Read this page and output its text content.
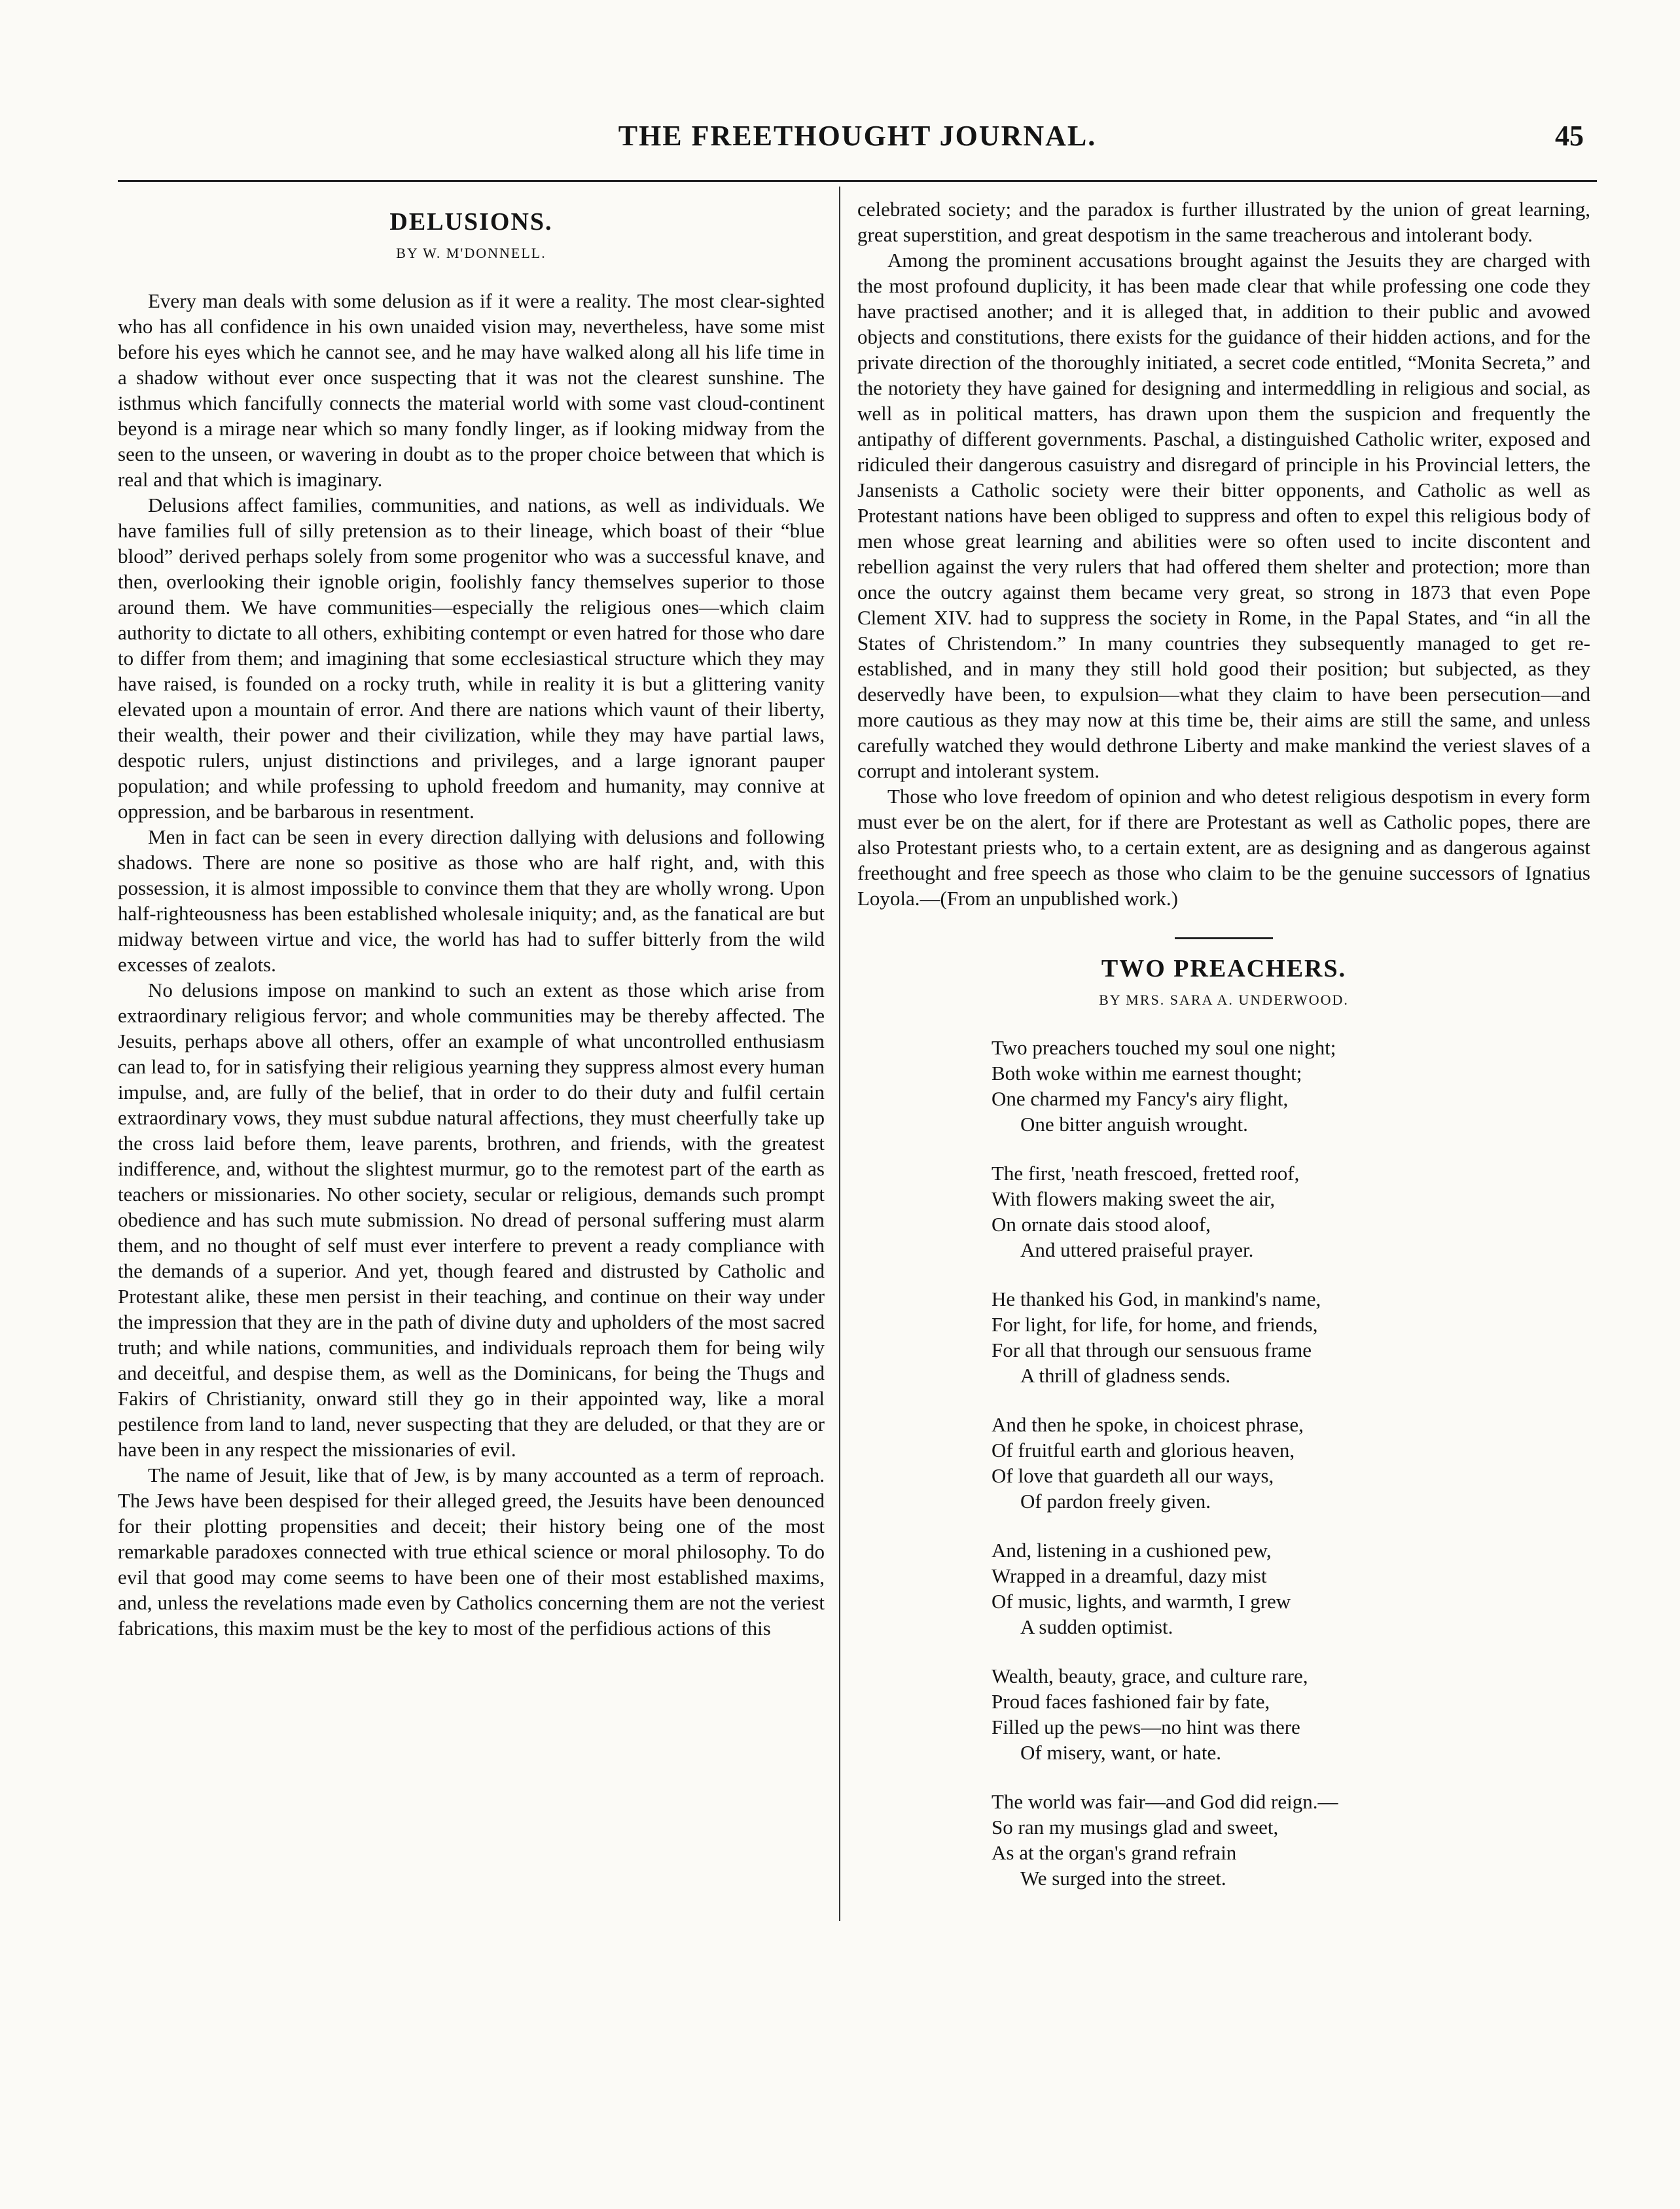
THE FREETHOUGHT JOURNAL.	45
DELUSIONS.
BY W. M'DONNELL.

Every man deals with some delusion as if it were a reality. The most clear-sighted who has all confidence in his own unaided vision may, nevertheless, have some mist before his eyes which he cannot see, and he may have walked along all his life time in a shadow without ever once suspecting that it was not the clearest sunshine. The isthmus which fancifully connects the material world with some vast cloud-continent beyond is a mirage near which so many fondly linger, as if looking midway from the seen to the unseen, or wavering in doubt as to the proper choice between that which is real and that which is imaginary.

Delusions affect families, communities, and nations, as well as individuals. We have families full of silly pretension as to their lineage, which boast of their “blue blood” derived perhaps solely from some progenitor who was a successful knave, and then, overlooking their ignoble origin, foolishly fancy themselves superior to those around them. We have communities—especially the religious ones—which claim authority to dictate to all others, exhibiting contempt or even hatred for those who dare to differ from them; and imagining that some ecclesiastical structure which they may have raised, is founded on a rocky truth, while in reality it is but a glittering vanity elevated upon a mountain of error. And there are nations which vaunt of their liberty, their wealth, their power and their civilization, while they may have partial laws, despotic rulers, unjust distinctions and privileges, and a large ignorant pauper population; and while professing to uphold freedom and humanity, may connive at oppression, and be barbarous in resentment.

Men in fact can be seen in every direction dallying with delusions and following shadows. There are none so positive as those who are half right, and, with this possession, it is almost impossible to convince them that they are wholly wrong. Upon half-righteousness has been established wholesale iniquity; and, as the fanatical are but midway between virtue and vice, the world has had to suffer bitterly from the wild excesses of zealots.

No delusions impose on mankind to such an extent as those which arise from extraordinary religious fervor; and whole communities may be thereby affected. The Jesuits, perhaps above all others, offer an example of what uncontrolled enthusiasm can lead to, for in satisfying their religious yearning they suppress almost every human impulse, and, are fully of the belief, that in order to do their duty and fulfil certain extraordinary vows, they must subdue natural affections, they must cheerfully take up the cross laid before them, leave parents, brothren, and friends, with the greatest indifference, and, without the slightest murmur, go to the remotest part of the earth as teachers or missionaries. No other society, secular or religious, demands such prompt obedience and has such mute submission. No dread of personal suffering must alarm them, and no thought of self must ever interfere to prevent a ready compliance with the demands of a superior. And yet, though feared and distrusted by Catholic and Protestant alike, these men persist in their teaching, and continue on their way under the impression that they are in the path of divine duty and upholders of the most sacred truth; and while nations, communities, and individuals reproach them for being wily and deceitful, and despise them, as well as the Dominicans, for being the Thugs and Fakirs of Christianity, onward still they go in their appointed way, like a moral pestilence from land to land, never suspecting that they are deluded, or that they are or have been in any respect the missionaries of evil.

The name of Jesuit, like that of Jew, is by many accounted as a term of reproach. The Jews have been despised for their alleged greed, the Jesuits have been denounced for their plotting propensities and deceit; their history being one of the most remarkable paradoxes connected with true ethical science or moral philosophy. To do evil that good may come seems to have been one of their most established maxims, and, unless the revelations made even by Catholics concerning them are not the veriest fabrications, this maxim must be the key to most of the perfidious actions of this

celebrated society; and the paradox is further illustrated by the union of great learning, great superstition, and great despotism in the same treacherous and intolerant body.

Among the prominent accusations brought against the Jesuits they are charged with the most profound duplicity, it has been made clear that while professing one code they have practised another; and it is alleged that, in addition to their public and avowed objects and constitutions, there exists for the guidance of their hidden actions, and for the private direction of the thoroughly initiated, a secret code entitled, “Monita Secreta,” and the notoriety they have gained for designing and intermeddling in religious and social, as well as in political matters, has drawn upon them the suspicion and frequently the antipathy of different governments. Paschal, a distinguished Catholic writer, exposed and ridiculed their dangerous casuistry and disregard of principle in his Provincial letters, the Jansenists a Catholic society were their bitter opponents, and Catholic as well as Protestant nations have been obliged to suppress and often to expel this religious body of men whose great learning and abilities were so often used to incite discontent and rebellion against the very rulers that had offered them shelter and protection; more than once the outcry against them became very great, so strong in 1873 that even Pope Clement XIV. had to suppress the society in Rome, in the Papal States, and “in all the States of Christendom.” In many countries they subsequently managed to get re-established, and in many they still hold good their position; but subjected, as they deservedly have been, to expulsion—what they claim to have been persecution—and more cautious as they may now at this time be, their aims are still the same, and unless carefully watched they would dethrone Liberty and make mankind the veriest slaves of a corrupt and intolerant system.

Those who love freedom of opinion and who detest religious despotism in every form must ever be on the alert, for if there are Protestant as well as Catholic popes, there are also Protestant priests who, to a certain extent, are as designing and as dangerous against freethought and free speech as those who claim to be the genuine successors of Ignatius Loyola.—(From an unpublished work.)

TWO PREACHERS.
BY MRS. SARA A. UNDERWOOD.
Two preachers touched my soul one night;
Both woke within me earnest thought;
One charmed my Fancy's airy flight,
One bitter anguish wrought.
The first, 'neath frescoed, fretted roof,
With flowers making sweet the air,
On ornate dais stood aloof,
And uttered praiseful prayer.
He thanked his God, in mankind's name,
For light, for life, for home, and friends,
For all that through our sensuous frame
A thrill of gladness sends.
And then he spoke, in choicest phrase,
Of fruitful earth and glorious heaven,
Of love that guardeth all our ways,
Of pardon freely given.
And, listening in a cushioned pew,
Wrapped in a dreamful, dazy mist
Of music, lights, and warmth, I grew
A sudden optimist.
Wealth, beauty, grace, and culture rare,
Proud faces fashioned fair by fate,
Filled up the pews—no hint was there
Of misery, want, or hate.
The world was fair—and God did reign.—
So ran my musings glad and sweet,
As at the organ's grand refrain
We surged into the street.
